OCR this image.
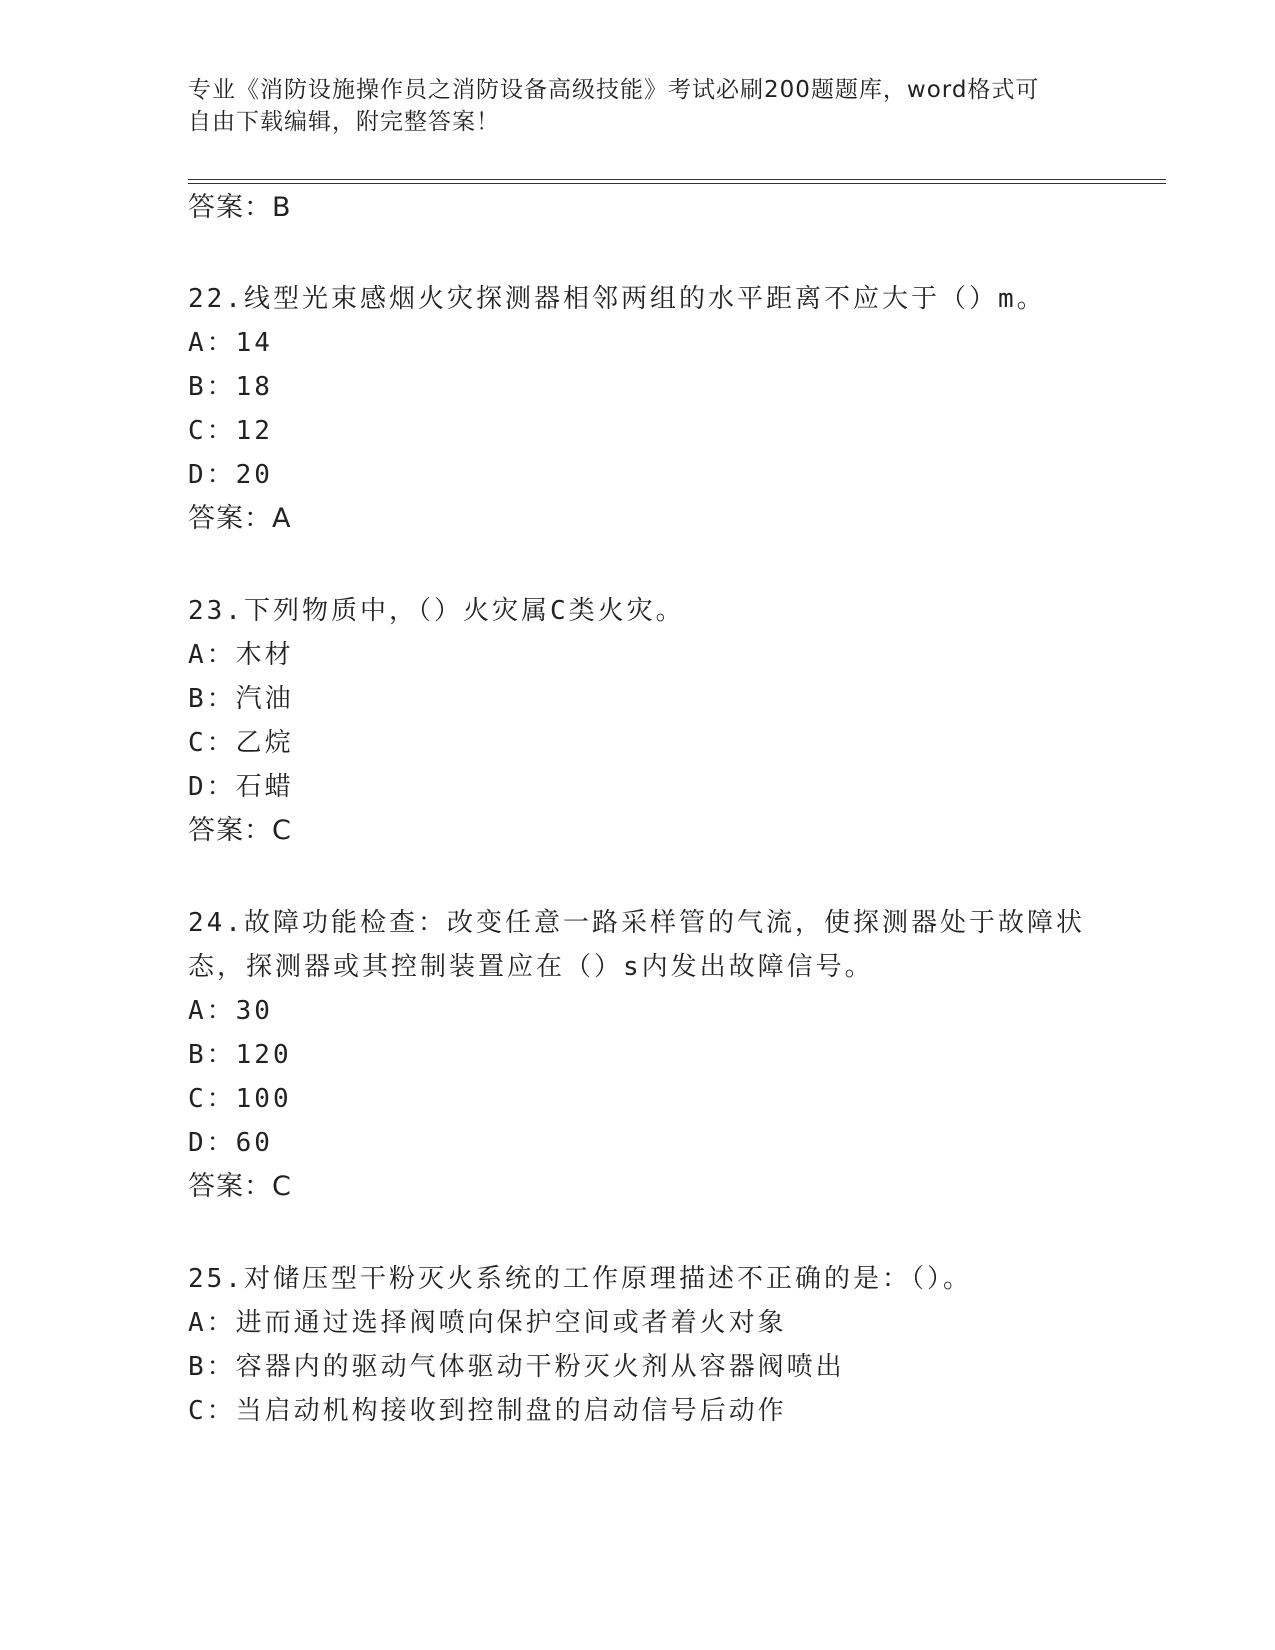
专业《消防设施操作员之消防设备高级技能》考试必刷200题题库，word格式可
自由下载编辑，附完整答案！
答案：B
22.线型光束感烟火灾探测器相邻两组的水平距离不应大于（）m。
A：14
B：18
C：12
D：20
答案：A
23.下列物质中，（）火灾属C类火灾。
A：木材
B：汽油
C：乙烷
D：石蜡
答案：C
24.故障功能检查：改变任意一路采样管的气流，使探测器处于故障状
态，探测器或其控制装置应在（）s内发出故障信号。
A：30
B：120
C：100
D：60
答案：C
25.对储压型干粉灭火系统的工作原理描述不正确的是：（）。
A：进而通过选择阀喷向保护空间或者着火对象
B：容器内的驱动气体驱动干粉灭火剂从容器阀喷出
C：当启动机构接收到控制盘的启动信号后动作
